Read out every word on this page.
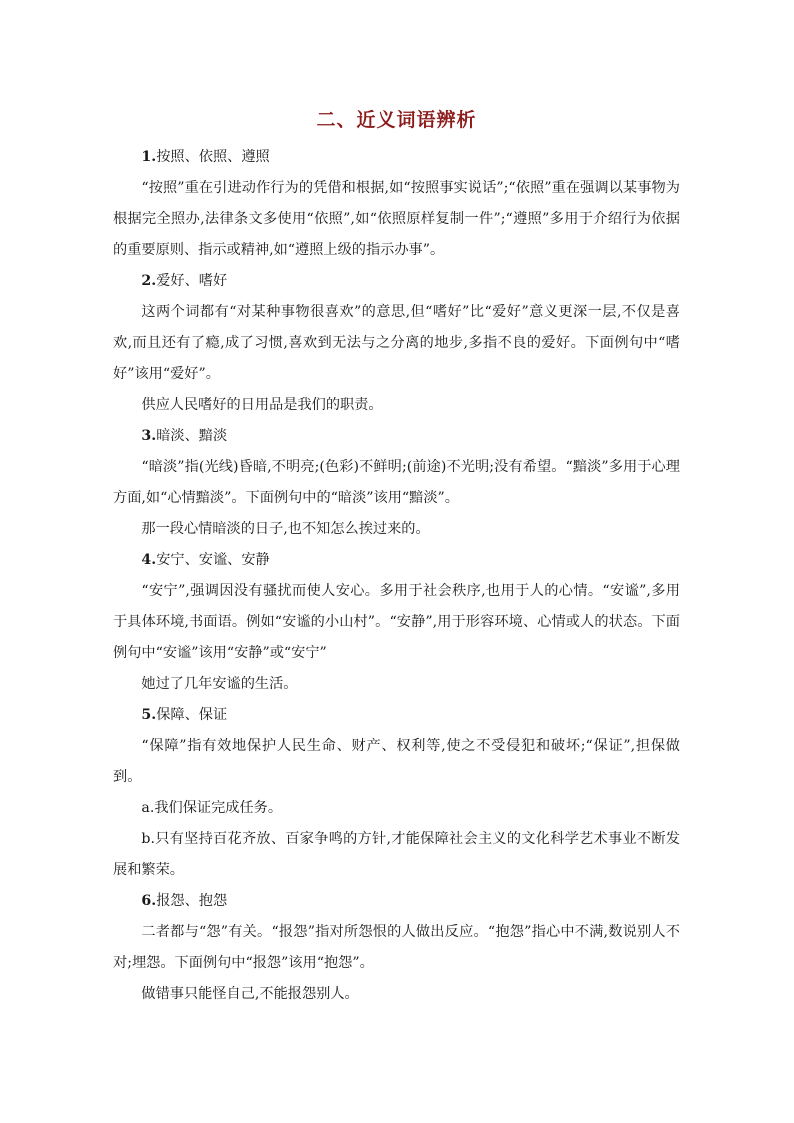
二、近义词语辨析

1.按照、依照、遵照

“按照”重在引进动作行为的凭借和根据,如“按照事实说话”;“依照”重在强调以某事物为根据完全照办,法律条文多使用“依照”,如“依照原样复制一件”;“遵照”多用于介绍行为依据的重要原则、指示或精神,如“遵照上级的指示办事”。

2.爱好、嗜好

这两个词都有“对某种事物很喜欢”的意思,但“嗜好”比“爱好”意义更深一层,不仅是喜欢,而且还有了瘾,成了习惯,喜欢到无法与之分离的地步,多指不良的爱好。下面例句中“嗜好”该用“爱好”。

供应人民嗜好的日用品是我们的职责。

3.暗淡、黯淡

“暗淡”指(光线)昏暗,不明亮;(色彩)不鲜明;(前途)不光明;没有希望。“黯淡”多用于心理方面,如“心情黯淡”。下面例句中的“暗淡”该用“黯淡”。

那一段心情暗淡的日子,也不知怎么挨过来的。

4.安宁、安谧、安静

“安宁”,强调因没有骚扰而使人安心。多用于社会秩序,也用于人的心情。“安谧”,多用于具体环境,书面语。例如“安谧的小山村”。“安静”,用于形容环境、心情或人的状态。下面例句中“安谧”该用“安静”或“安宁”

她过了几年安谧的生活。

5.保障、保证

“保障”指有效地保护人民生命、财产、权利等,使之不受侵犯和破坏;“保证”,担保做到。

a.我们保证完成任务。

b.只有坚持百花齐放、百家争鸣的方针,才能保障社会主义的文化科学艺术事业不断发展和繁荣。

6.报怨、抱怨

二者都与“怨”有关。“报怨”指对所怨恨的人做出反应。“抱怨”指心中不满,数说别人不对;埋怨。下面例句中“报怨”该用“抱怨”。

做错事只能怪自己,不能报怨别人。
